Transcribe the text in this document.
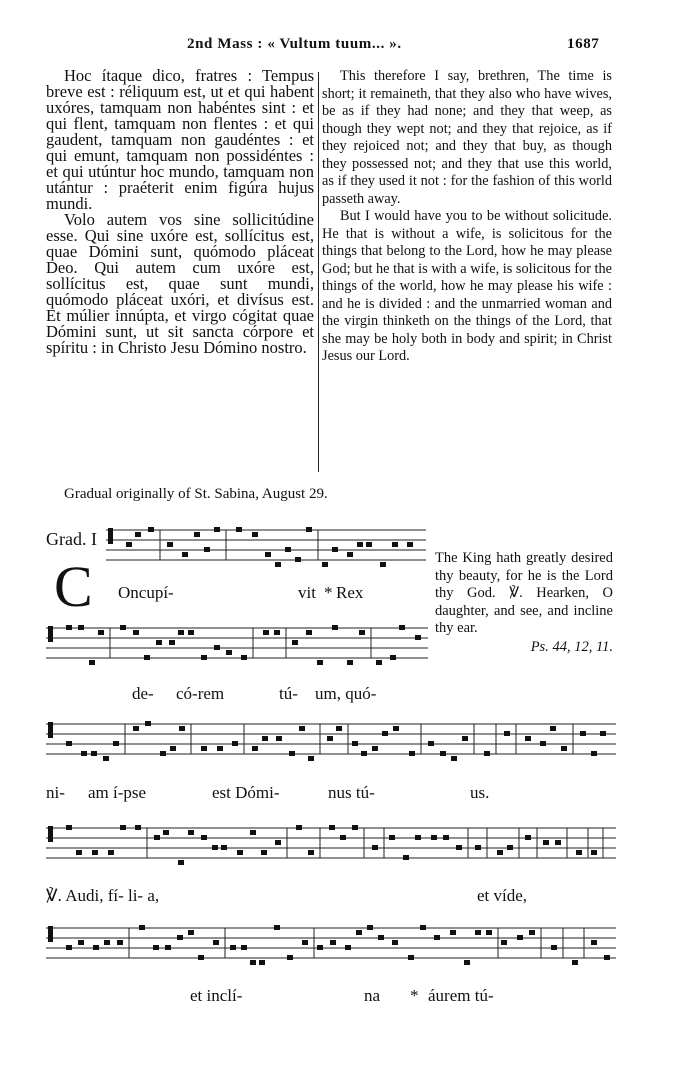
2nd Mass : « Vultum tuum... ».	1687

Hoc ítaque dico, fratres : Tempus breve est : réliquum est, ut et qui habent uxóres, tamquam non habéntes sint : et qui flent, tamquam non flentes : et qui gaudent, tamquam non gaudéntes : et qui emunt, tamquam non possidéntes : et qui utúntur hoc mundo, tamquam non utántur : praéterit enim figúra hujus mundi.

Volo autem vos sine sollicitúdine esse. Qui sine uxóre est, sollícitus est, quae Dómini sunt, quómodo pláceat Deo. Qui autem cum uxóre est, sollícitus est, quae sunt mundi, quómodo pláceat uxóri, et divísus est. Et múlier innúpta, et virgo cógitat quae Dómini sunt, ut sit sancta córpore et spíritu : in Christo Jesu Dómino nostro.

This therefore I say, brethren, The time is short; it remaineth, that they also who have wives, be as if they had none; and they that weep, as though they wept not; and they that rejoice, as if they rejoiced not; and they that buy, as though they possessed not; and they that use this world, as if they used it not : for the fashion of this world passeth away.

But I would have you to be without solicitude. He that is without a wife, is solicitous for the things that belong to the Lord, how he may please God; but he that is with a wife, is solicitous for the things of the world, how he may please his wife : and he is divided : and the unmarried woman and the virgin thinketh on the things of the Lord, that she may be holy both in body and spirit; in Christ Jesus our Lord.

Gradual originally of St. Sabina, August 29.
Grad. I
C Oncupí-	vit * Rex
The King hath greatly desired thy beauty, for he is the Lord thy God. ℣. Hearken, O daughter, and see, and incline thy ear.
Ps. 44, 12, 11.
de- có-rem	tú- um, quó-
ni- am í-pse	est Dómi-	nus tú-	us.
℣. Audi, fí- li- a,	et víde,
et inclí-	na * áurem tú-
